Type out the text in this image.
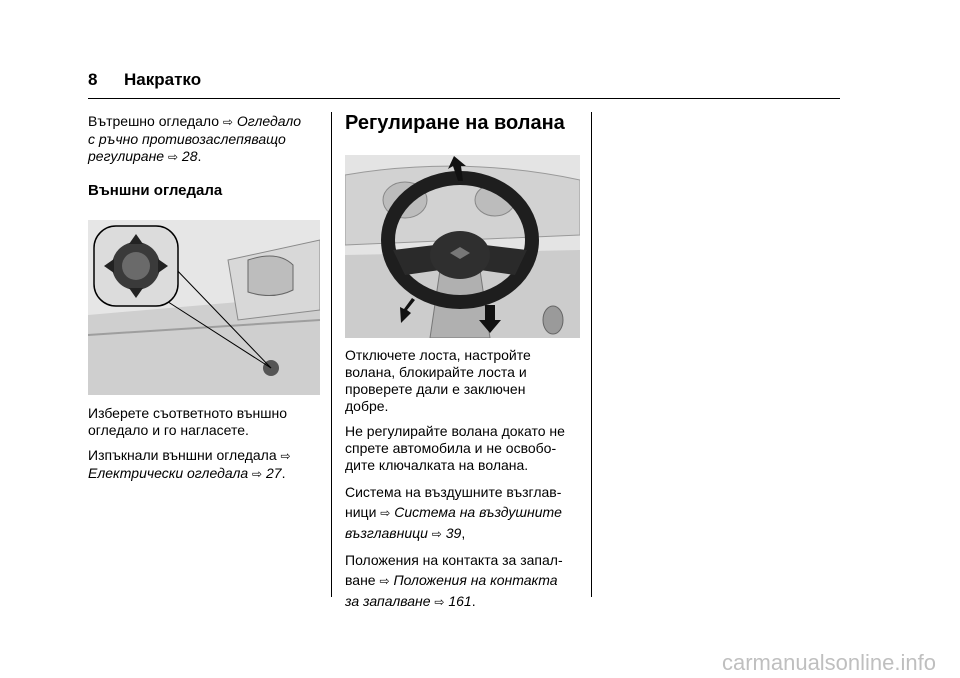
8 Накратко

Вътрешно огледало ⇨ Огледало
с ръчно противозаслепяващо
регулиране ⇨ 28.

Външни огледала

Изберете съответното външно
огледало и го нагласете.

Изпъкнали външни огледала ⇨
Електрически огледала ⇨ 27.

Регулиране на волана

Отключете лоста, настройте
волана, блокирайте лоста и
проверете дали е заключен
добре.

Не регулирайте волана докато не
спрете автомобила и не освобо-
дите ключалката на волана.

Система на въздушните възглав-
ници ⇨ Система на въздушните
възглавници ⇨ 39,

Положения на контакта за запал-
ване ⇨ Положения на контакта
за запалване ⇨ 161.

carmanualsonline.info
